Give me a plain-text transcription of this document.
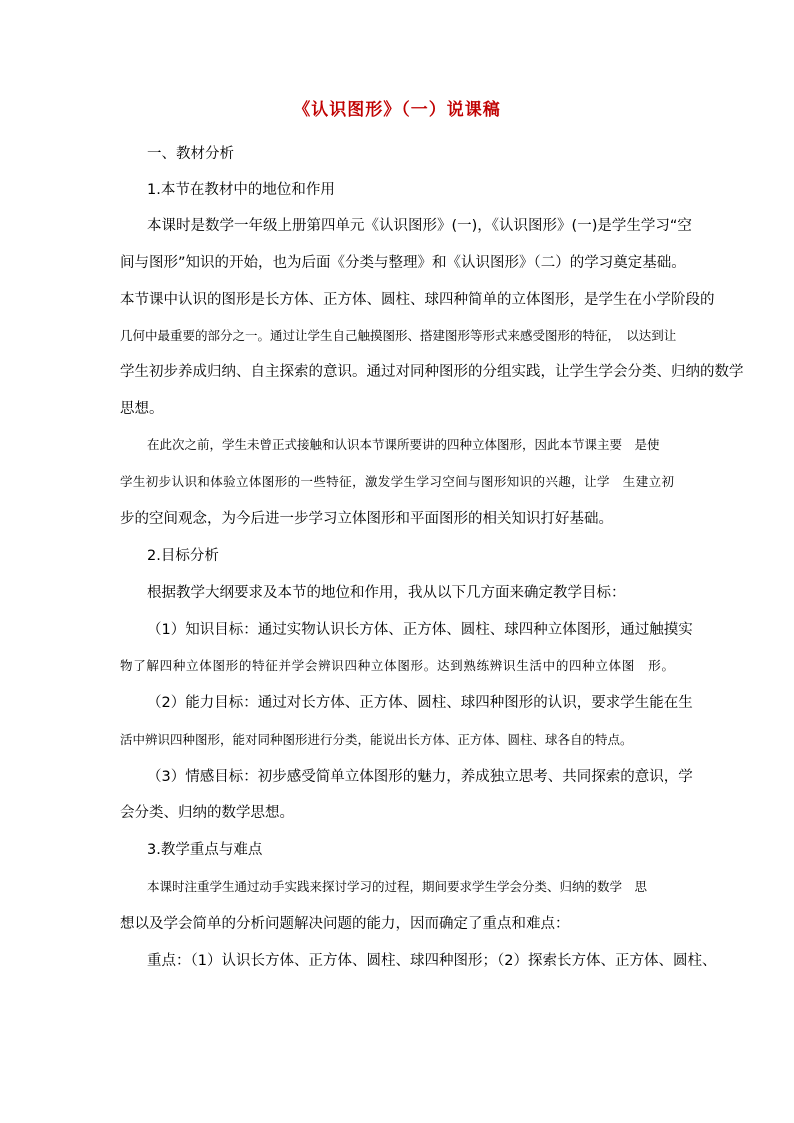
《认识图形》（一）说课稿
一、教材分析
1.本节在教材中的地位和作用
本课时是数学一年级上册第四单元《认识图形》(一)，《认识图形》(一)是学生学习“空
间与图形”知识的开始，也为后面《分类与整理》和《认识图形》（二）的学习奠定基础。
本节课中认识的图形是长方体、正方体、圆柱、球四种简单的立体图形，是学生在小学阶段的
几何中最重要的部分之一。通过让学生自己触摸图形、搭建图形等形式来感受图形的特征，　以达到让
学生初步养成归纳、自主探索的意识。通过对同种图形的分组实践，让学生学会分类、归纳的数学
思想。
在此次之前，学生未曾正式接触和认识本节课所要讲的四种立体图形，因此本节课主要　是使
学生初步认识和体验立体图形的一些特征，激发学生学习空间与图形知识的兴趣，让学　生建立初
步的空间观念，为今后进一步学习立体图形和平面图形的相关知识打好基础。
2.目标分析
根据教学大纲要求及本节的地位和作用，我从以下几方面来确定教学目标：
（1）知识目标：通过实物认识长方体、正方体、圆柱、球四种立体图形，通过触摸实
物了解四种立体图形的特征并学会辨识四种立体图形。达到熟练辨识生活中的四种立体图　形。
（2）能力目标：通过对长方体、正方体、圆柱、球四种图形的认识，要求学生能在生
活中辨识四种图形，能对同种图形进行分类，能说出长方体、正方体、圆柱、球各自的特点。
（3）情感目标：初步感受简单立体图形的魅力，养成独立思考、共同探索的意识，学
会分类、归纳的数学思想。
3.教学重点与难点
本课时注重学生通过动手实践来探讨学习的过程，期间要求学生学会分类、归纳的数学　思
想以及学会简单的分析问题解决问题的能力，因而确定了重点和难点：
重点：（1）认识长方体、正方体、圆柱、球四种图形；（2）探索长方体、正方体、圆柱、
